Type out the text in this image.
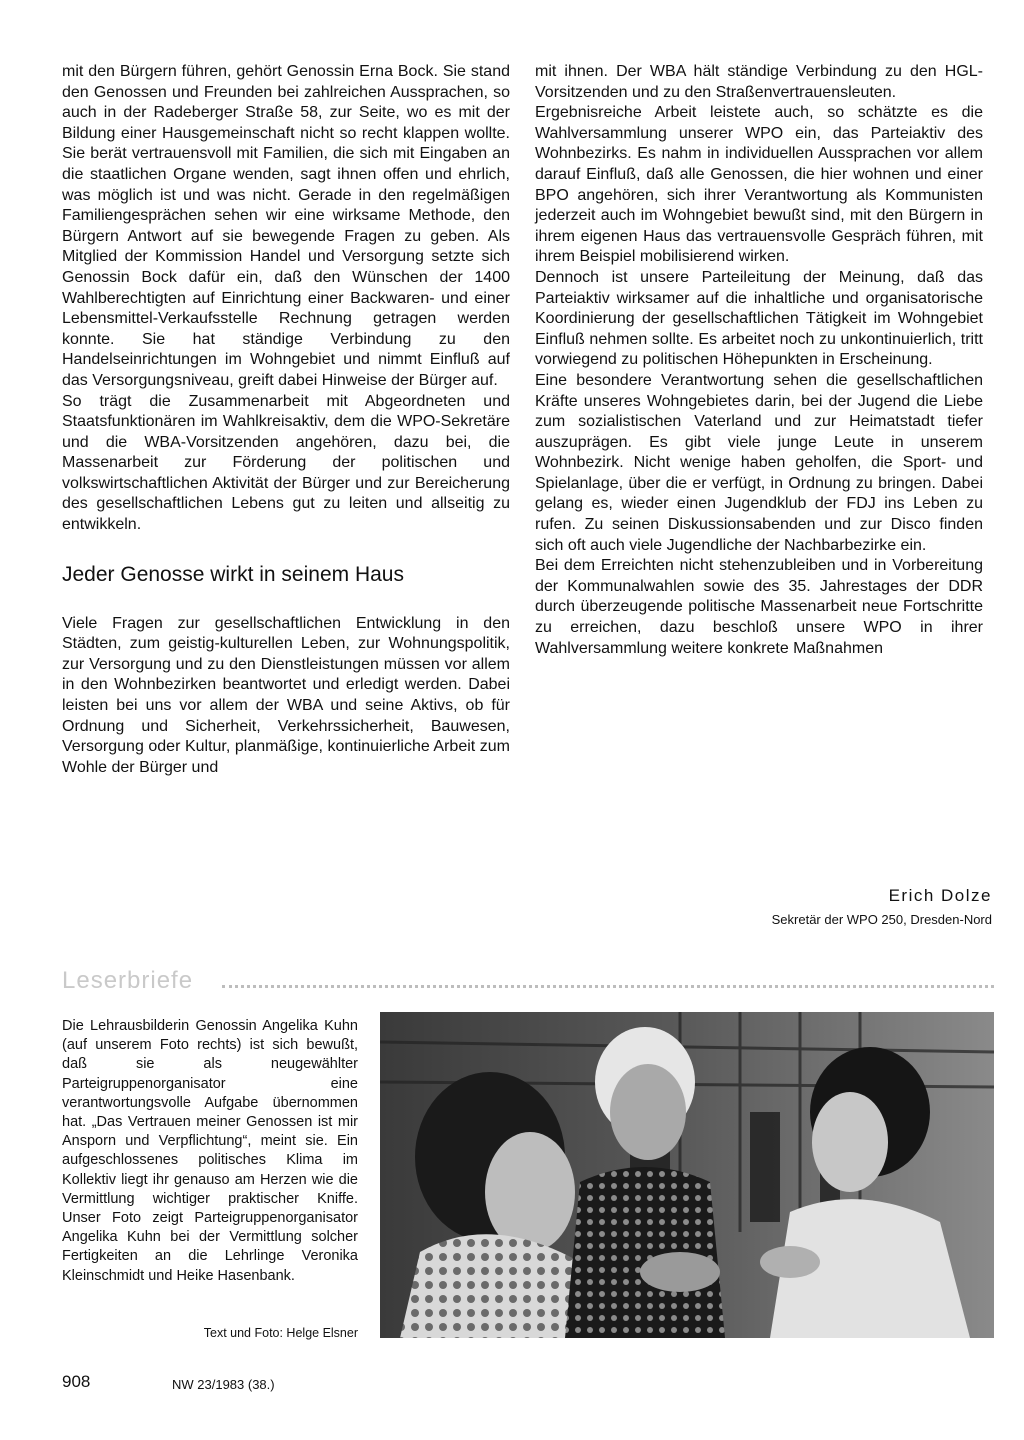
mit den Bürgern führen, gehört Genossin Erna Bock. Sie stand den Genossen und Freunden bei zahlreichen Aussprachen, so auch in der Radeberger Straße 58, zur Seite, wo es mit der Bildung einer Hausgemeinschaft nicht so recht klappen wollte. Sie berät vertrauensvoll mit Familien, die sich mit Eingaben an die staatlichen Organe wenden, sagt ihnen offen und ehrlich, was möglich ist und was nicht. Gerade in den regelmäßigen Familiengesprächen sehen wir eine wirksame Methode, den Bürgern Antwort auf sie bewegende Fragen zu geben. Als Mitglied der Kommission Handel und Versorgung setzte sich Genossin Bock dafür ein, daß den Wünschen der 1400 Wahlberechtigten auf Einrichtung einer Backwaren- und einer Lebensmittel-Verkaufsstelle Rechnung getragen werden konnte. Sie hat ständige Verbindung zu den Handelseinrichtungen im Wohngebiet und nimmt Einfluß auf das Versorgungsniveau, greift dabei Hinweise der Bürger auf.

So trägt die Zusammenarbeit mit Abgeordneten und Staatsfunktionären im Wahlkreisaktiv, dem die WPO-Sekretäre und die WBA-Vorsitzenden angehören, dazu bei, die Massenarbeit zur Förderung der politischen und volkswirtschaftlichen Aktivität der Bürger und zur Bereicherung des gesellschaftlichen Lebens gut zu leiten und allseitig zu entwikkeln.

Jeder Genosse wirkt in seinem Haus

Viele Fragen zur gesellschaftlichen Entwicklung in den Städten, zum geistig-kulturellen Leben, zur Wohnungspolitik, zur Versorgung und zu den Dienstleistungen müssen vor allem in den Wohnbezirken beantwortet und erledigt werden. Dabei leisten bei uns vor allem der WBA und seine Aktivs, ob für Ordnung und Sicherheit, Verkehrssicherheit, Bauwesen, Versorgung oder Kultur, planmäßige, kontinuierliche Arbeit zum Wohle der Bürger und

mit ihnen. Der WBA hält ständige Verbindung zu den HGL-Vorsitzenden und zu den Straßenvertrauensleuten.

Ergebnisreiche Arbeit leistete auch, so schätzte es die Wahlversammlung unserer WPO ein, das Parteiaktiv des Wohnbezirks. Es nahm in individuellen Aussprachen vor allem darauf Einfluß, daß alle Genossen, die hier wohnen und einer BPO angehören, sich ihrer Verantwortung als Kommunisten jederzeit auch im Wohngebiet bewußt sind, mit den Bürgern in ihrem eigenen Haus das vertrauensvolle Gespräch führen, mit ihrem Beispiel mobilisierend wirken.

Dennoch ist unsere Parteileitung der Meinung, daß das Parteiaktiv wirksamer auf die inhaltliche und organisatorische Koordinierung der gesellschaftlichen Tätigkeit im Wohngebiet Einfluß nehmen sollte. Es arbeitet noch zu unkontinuierlich, tritt vorwiegend zu politischen Höhepunkten in Erscheinung.

Eine besondere Verantwortung sehen die gesellschaftlichen Kräfte unseres Wohngebietes darin, bei der Jugend die Liebe zum sozialistischen Vaterland und zur Heimatstadt tiefer auszuprägen. Es gibt viele junge Leute in unserem Wohnbezirk. Nicht wenige haben geholfen, die Sport- und Spielanlage, über die er verfügt, in Ordnung zu bringen. Dabei gelang es, wieder einen Jugendklub der FDJ ins Leben zu rufen. Zu seinen Diskussionsabenden und zur Disco finden sich oft auch viele Jugendliche der Nachbarbezirke ein.

Bei dem Erreichten nicht stehenzubleiben und in Vorbereitung der Kommunalwahlen sowie des 35. Jahrestages der DDR durch überzeugende politische Massenarbeit neue Fortschritte zu erreichen, dazu beschloß unsere WPO in ihrer Wahlversammlung weitere konkrete Maßnahmen

Erich Dolze
Sekretär der WPO 250, Dresden-Nord
Leserbriefe
Die Lehrausbilderin Genossin Angelika Kuhn (auf unserem Foto rechts) ist sich bewußt, daß sie als neugewählter Parteigruppenorganisator eine verantwortungsvolle Aufgabe übernommen hat. „Das Vertrauen meiner Genossen ist mir Ansporn und Verpflichtung“, meint sie. Ein aufgeschlossenes politisches Klima im Kollektiv liegt ihr genauso am Herzen wie die Vermittlung wichtiger praktischer Kniffe. Unser Foto zeigt Parteigruppenorganisator Angelika Kuhn bei der Vermittlung solcher Fertigkeiten an die Lehrlinge Veronika Kleinschmidt und Heike Hasenbank.
Text und Foto: Helge Elsner
908	NW 23/1983 (38.)
